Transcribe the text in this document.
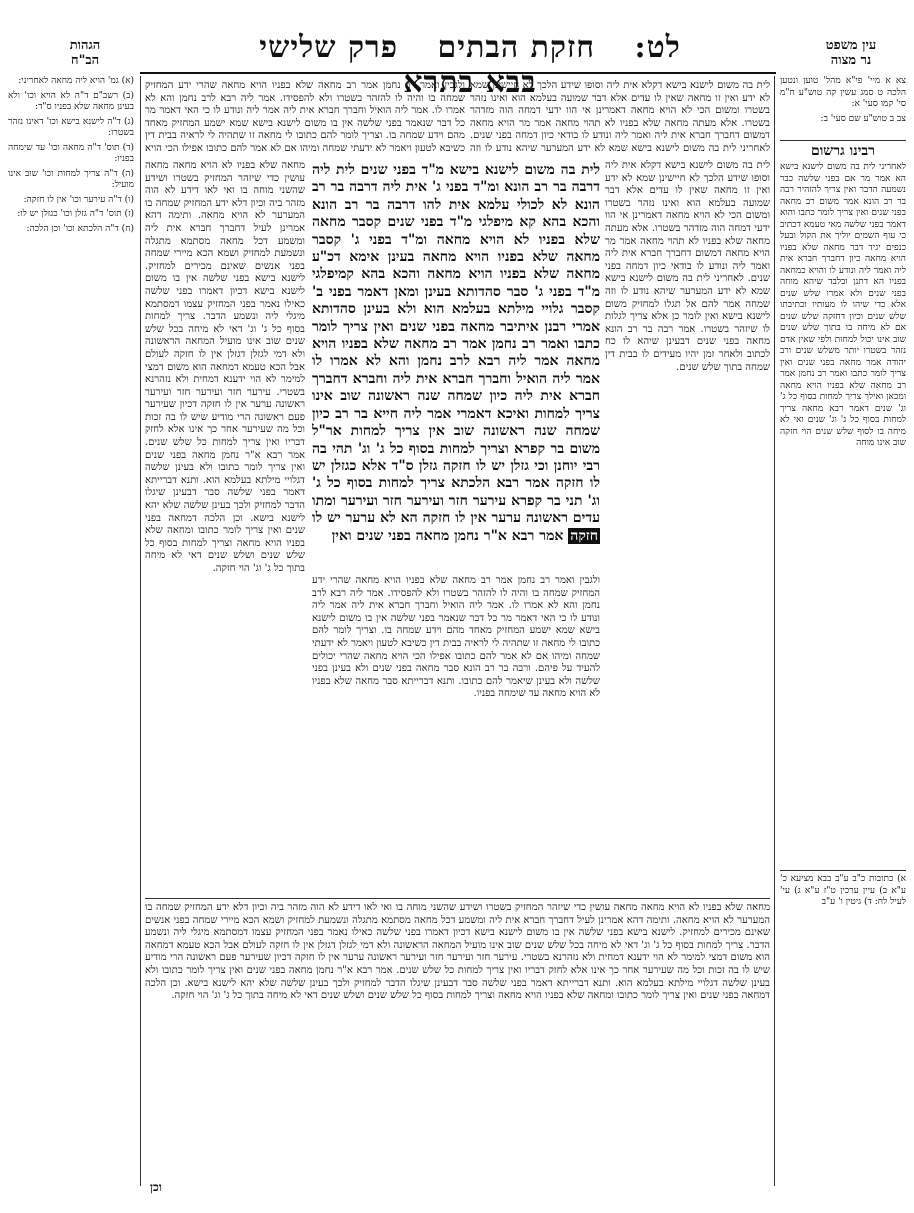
לט: חזקת הבתים פרק שלישי בבא בתרא
עין משפט
נר מצוה
הגהות
הב"ח

צא א מיי' פי"א מהל' טוען ונטען הלכה ט סמג עשין קה טוש"ע ח"מ סי' קמו סעי' א:

צב ב טוש"ע שם סעי' ב:

רבינו גרשום
לאחריני לית בה משום לישנא בישא הא אמר מר אם בפני שלשה כבר נשמעה הדבר ואין צריך להזהיר רבה בר רב הונא אמר משום רב מחאה בפני שנים ואין צריך לומר כתבו והוא דאמר בפני שלשה מאי טעמא דכתיב כי עוף השמים יוליך את הקול ובעל כנפים יגיד דבר מחאה שלא בפניו הויא מחאה כיון דחברך חברא אית ליה ואמר ליה ונודע לו והויא כמחאה בפניו הא דתנן ובלבד שיהא מוחה בפני שנים ולא אמרו שלש שנים אלא כדי שיהו לו מעותיו וכתיבתו שלש שנים וכיון דחזקה שלש שנים אם לא מיחה בו בתוך שלש שנים שוב אינו יכול למחות ולפי שאין אדם נזהר בשטרו יותר משלש שנים ורב יהודה אמר מחאה בפני שנים ואין צריך לומר כתבו ואמר רב נחמן אמר רב מחאה שלא בפניו הויא מחאה ומכאן ואילך צריך למחות בסוף כל ג' וג' שנים דאמר רבא מחאה צריך למחות בסוף כל ג' וג' שנים ואי לא מיחה בו לסוף שלש שנים הוי חזקה שוב אינו מוחה
א) כתובות כ"ב ע"ב בבא מציעא כ' ע"א ב) עיין ערכין ט"ז ע"א ג) עי' לעיל לח: ד) גיטין ו' ע"ב

(א) גמ' הויא ליה מחאה לאחריני:

(ב) רשב"ם ד"ה לא הויא וכו' ולא בעינן מחאה שלא בפניו ס"ד:

(ג) ד"ה לישנא בישא וכו' דאינו נזהר בשטרו:

(ד) תוס' ד"ה מחאה וכו' עד שימחה בפניו:

(ה) ד"ה צריך למחות וכו' שוב אינו מועיל:

(ו) ד"ה עירער וכו' אין לו חזקה:

(ז) תוס' ד"ה גזלן וכו' כגזלן יש לו:

(ח) ד"ה הלכתא וכו' וכן הלכה:

לית בה משום לישנא בישא דקלא אית ליה וסופו שידע הלכך לא חיישינן שמא לא ידע ואין זו מחאה שאין לו עדים אלא דבר שמועה בעלמא הוא ואינו נזהר בשטרו ומשום הכי לא הויא מחאה דאמרינן אי הוו ידעי דמחה הוה מזדהר בשטרו. אלא מעתה מחאה שלא בפניו לא תהוי מחאה אמר מר הויא מחאה דמשום דחברך חברא אית ליה ואמר ליה ונודע לו בודאי כיון דמחה בפני שנים. לאחריני לית בה משום לישנא בישא שמא לא ידע המערער שיהא נודע לו וזה
ולגבין ואמר רב נחמן אמר רב מחאה שלא בפניו הויא מחאה שהרי ידע המחזיק שמחה בו והיה לו להזהר בשטרו ולא להפסידו. אמר ליה רבא לרב נחמן והא לא אמרו לו. אמר ליה הואיל וחברך חברא אית ליה אמר ליה ונודע לו כי האי דאמר מר כל דבר שנאמר בפני שלשה אין בו משום לישנא בישא שמא ישמע המחזיק מאחד מהם וידע שמחה בו. וצריך לומר להם כתובו לי מחאה זו שתהיה לי לראיה בבית דין כשיבא לטעון ויאמר לא ידעתי שמחה ומיהו אם לא אמר להם כתובו אפילו הכי הויא
לית בה משום לישנא בישא דקלא אית ליה וסופו שידע הלכך לא חיישינן שמא לא ידע ואין זו מחאה שאין לו עדים אלא דבר שמועה בעלמא הוא ואינו נזהר בשטרו ומשום הכי לא הויא מחאה דאמרינן אי הוו ידעי דמחה הוה מזדהר בשטרו. אלא מעתה מחאה שלא בפניו לא תהוי מחאה אמר מר הויא מחאה דמשום דחברך חברא אית ליה ואמר ליה ונודע לו בודאי כיון דמחה בפני שנים. לאחריני לית בה משום לישנא בישא שמא לא ידע המערער שיהא נודע לו וזה שמחה אמר להם אל תגלו למחזיק משום לישנא בישא ואין לומר כן אלא צריך לגלות לו שיזהר בשטרו. אמר רבה בר רב הונא מחאה בפני שנים דבעינן שיהא לו כח לכתוב ולאחר זמן יהיו מעידים לו בבית דין שמחה בתוך שלש שנים.
מחאה שלא בפניו לא הויא מחאה מחאה עושין כדי שיזהר המחזיק בשטרו ושידע שהשני מוחה בו ואי לאו דידע לא הוה מזהר ביה וכיון דלא ידע המחזיק שמחה בו המערער לא הויא מחאה. ותימה דהא אמרינן לעיל דחברך חברא אית ליה ומשמע דכל מחאה מסתמא מתגלה ונשמעת למחזיק ושמא הכא מיירי שמחה בפני אנשים שאינם מכירים למחזיק. לישנא בישא בפני שלשה אין בו משום לישנא בישא דכיון דאמרו בפני שלשה כאילו נאמר בפני המחזיק עצמו דמסתמא מיגלי ליה ונשמע הדבר. צריך למחות בסוף כל ג' וג' דאי לא מיחה בכל שלש שנים שוב אינו מועיל המחאה הראשונה ולא דמי לגזלן דגזלן אין לו חזקה לעולם אבל הכא טעמא דמחאה הוא משום דמצי למימר לא הוי ידענא דמחית ולא נזהרנא בשטרי. עירער חזר ועירער חזר ועירער ראשונה ערער אין לו חזקה דכיון שעירער פעם ראשונה הרי מודיע שיש לו בה זכות וכל מה שעירער אחר כך אינו אלא לחזק דבריו ואין צריך למחות כל שלש שנים. אמר רבא א"ר נחמן מחאה בפני שנים ואין צריך לומר כתובו ולא בעינן שלשה דגלויי מילתא בעלמא הוא. ותנא דברייתא דאמר בפני שלשה סבר דבעינן שיגלו הדבר למחזיק ולכך בעינן שלשה שלא יהא לישנא בישא. וכן הלכה דמחאה בפני שנים ואין צריך לומר כתובו ומחאה שלא בפניו הויא מחאה וצריך למחות בסוף כל שלש שנים ושלש שנים דאי לא מיחה בתוך כל ג' וג' הוי חזקה.

לית בה משום לישנא בישא מ"ד בפני שנים לית ליה דרבה בר רב הונא ומ"ד בפני ג' אית ליה דרבה בר רב הונא לא לכולי עלמא אית להו דרבה בר רב הונא והכא בהא קא מיפלגי מ"ד בפני שנים קסבר מחאה שלא בפניו לא הויא מחאה ומ"ד בפני ג' קסבר מחאה שלא בפניו הויא מחאה בעינן אימא דכ"ע מחאה שלא בפניו הויא מחאה והכא בהא קמיפלגי מ"ד בפני ג' סבר סהדותא בעינן ומאן דאמר בפני ב' קסבר גלויי מילתא בעלמא הוא ולא בעינן סהדותא אמרי רבנן איתיבר מחאה בפני שנים ואין צריך לומר כתבו ואמר רב נחמן אמר רב מחאה שלא בפניו הויא מחאה אמר ליה רבא לרב נחמן והא לא אמרו לו אמר ליה הואיל וחברך חברא אית ליה וחברא דחברך חברא אית ליה כיון שמחה שנה ראשונה שוב אינו צריך למחות ואיכא דאמרי אמר ליה חייא בר רב כיון שמחה שנה ראשונה שוב אין צריך למחות אר"ל משום בר קפרא וצריך למחות בסוף כל ג' וג' תהי בה רבי יוחנן וכי גזלן יש לו חזקה גזלן ס"ד אלא כגזלן יש לו חזקה אמר רבא הלכתא צריך למחות בסוף כל ג' וג' תני בר קפרא עירער חזר ועירער חזר ועירער ומתו עדים ראשונה ערער אין לו חזקה הא לא ערער יש לו חזקה אמר רבא א"ר נחמן מחאה בפני שנים ואין

ולגבין ואמר רב נחמן אמר רב מחאה שלא בפניו הויא מחאה שהרי ידע המחזיק שמחה בו והיה לו להזהר בשטרו ולא להפסידו. אמר ליה רבא לרב נחמן והא לא אמרו לו. אמר ליה הואיל וחברך חברא אית ליה אמר ליה ונודע לו כי האי דאמר מר כל דבר שנאמר בפני שלשה אין בו משום לישנא בישא שמא ישמע המחזיק מאחד מהם וידע שמחה בו. וצריך לומר להם כתובו לי מחאה זו שתהיה לי לראיה בבית דין כשיבא לטעון ויאמר לא ידעתי שמחה ומיהו אם לא אמר להם כתובו אפילו הכי הויא מחאה שהרי יכולים להעיד על פיהם. ורבה בר רב הונא סבר מחאה בפני שנים ולא בעינן בפני שלשה ולא בעינן שיאמר להם כתובו. ותנא דברייתא סבר מחאה שלא בפניו לא הויא מחאה עד שימחה בפניו.
מחאה שלא בפניו לא הויא מחאה מחאה עושין כדי שיזהר המחזיק בשטרו ושידע שהשני מוחה בו ואי לאו דידע לא הוה מזהר ביה וכיון דלא ידע המחזיק שמחה בו המערער לא הויא מחאה. ותימה דהא אמרינן לעיל דחברך חברא אית ליה ומשמע דכל מחאה מסתמא מתגלה ונשמעת למחזיק ושמא הכא מיירי שמחה בפני אנשים שאינם מכירים למחזיק. לישנא בישא בפני שלשה אין בו משום לישנא בישא דכיון דאמרו בפני שלשה כאילו נאמר בפני המחזיק עצמו דמסתמא מיגלי ליה ונשמע הדבר. צריך למחות בסוף כל ג' וג' דאי לא מיחה בכל שלש שנים שוב אינו מועיל המחאה הראשונה ולא דמי לגזלן דגזלן אין לו חזקה לעולם אבל הכא טעמא דמחאה הוא משום דמצי למימר לא הוי ידענא דמחית ולא נזהרנא בשטרי. עירער חזר ועירער חזר ועירער ראשונה ערער אין לו חזקה דכיון שעירער פעם ראשונה הרי מודיע שיש לו בה זכות וכל מה שעירער אחר כך אינו אלא לחזק דבריו ואין צריך למחות כל שלש שנים. אמר רבא א"ר נחמן מחאה בפני שנים ואין צריך לומר כתובו ולא בעינן שלשה דגלויי מילתא בעלמא הוא. ותנא דברייתא דאמר בפני שלשה סבר דבעינן שיגלו הדבר למחזיק ולכך בעינן שלשה שלא יהא לישנא בישא. וכן הלכה דמחאה בפני שנים ואין צריך לומר כתובו ומחאה שלא בפניו הויא מחאה וצריך למחות בסוף כל שלש שנים ושלש שנים דאי לא מיחה בתוך כל ג' וג' הוי חזקה.
וכן
